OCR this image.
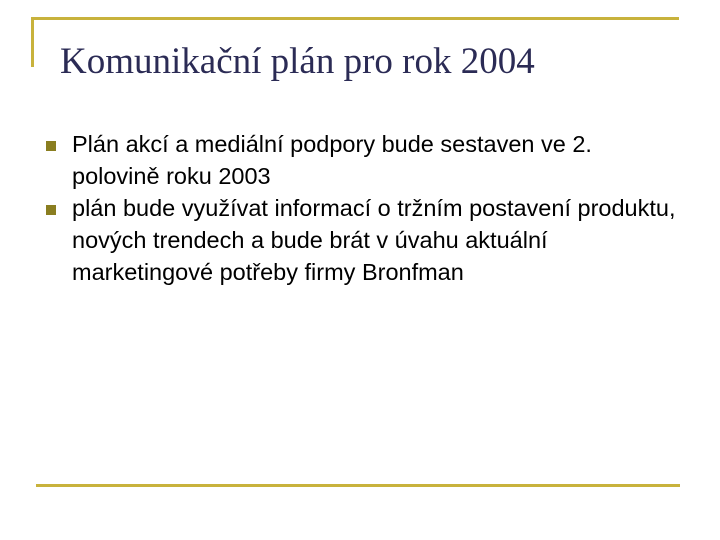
Komunikační plán pro rok 2004
Plán akcí a mediální podpory bude sestaven ve 2. polovině roku 2003
plán bude využívat informací o tržním postavení produktu, nových trendech a bude brát v úvahu aktuální marketingové potřeby firmy Bronfman
